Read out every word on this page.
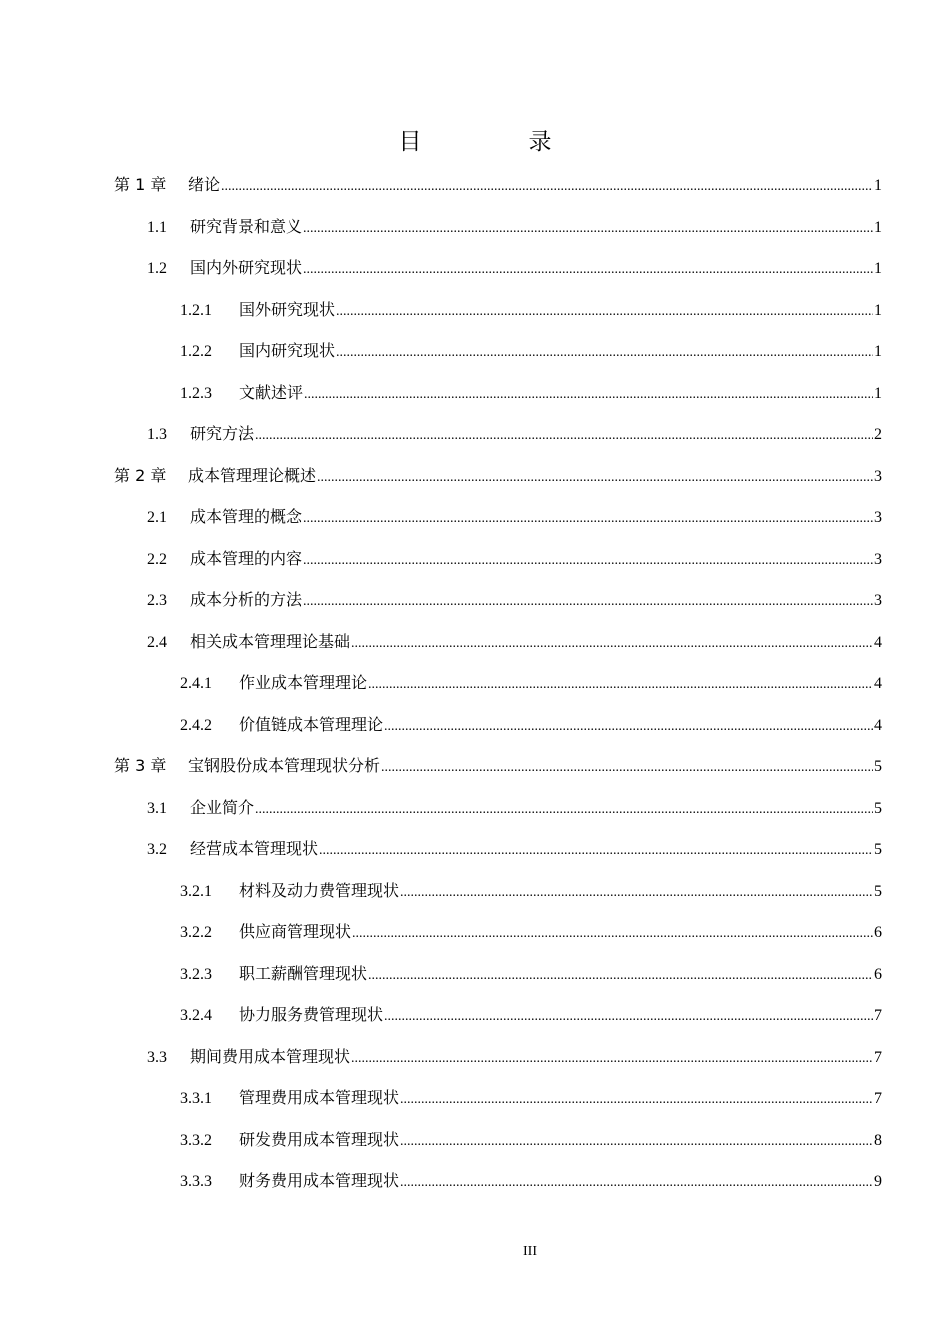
目　录
第 1 章	绪论 .....	1
1.1	研究背景和意义 .....	1
1.2	国内外研究现状 .....	1
1.2.1	国外研究现状 .....	1
1.2.2	国内研究现状 .....	1
1.2.3	文献述评 .....	1
1.3	研究方法 .....	2
第 2 章	成本管理理论概述 .....	3
2.1	成本管理的概念 .....	3
2.2	成本管理的内容 .....	3
2.3	成本分析的方法 .....	3
2.4	相关成本管理理论基础 .....	4
2.4.1	作业成本管理理论 .....	4
2.4.2	价值链成本管理理论 .....	4
第 3 章	宝钢股份成本管理现状分析 .....	5
3.1	企业简介 .....	5
3.2	经营成本管理现状 .....	5
3.2.1	材料及动力费管理现状 .....	5
3.2.2	供应商管理现状 .....	6
3.2.3	职工薪酬管理现状 .....	6
3.2.4	协力服务费管理现状 .....	7
3.3	期间费用成本管理现状 .....	7
3.3.1	管理费用成本管理现状 .....	7
3.3.2	研发费用成本管理现状 .....	8
3.3.3	财务费用成本管理现状 .....	9
III
